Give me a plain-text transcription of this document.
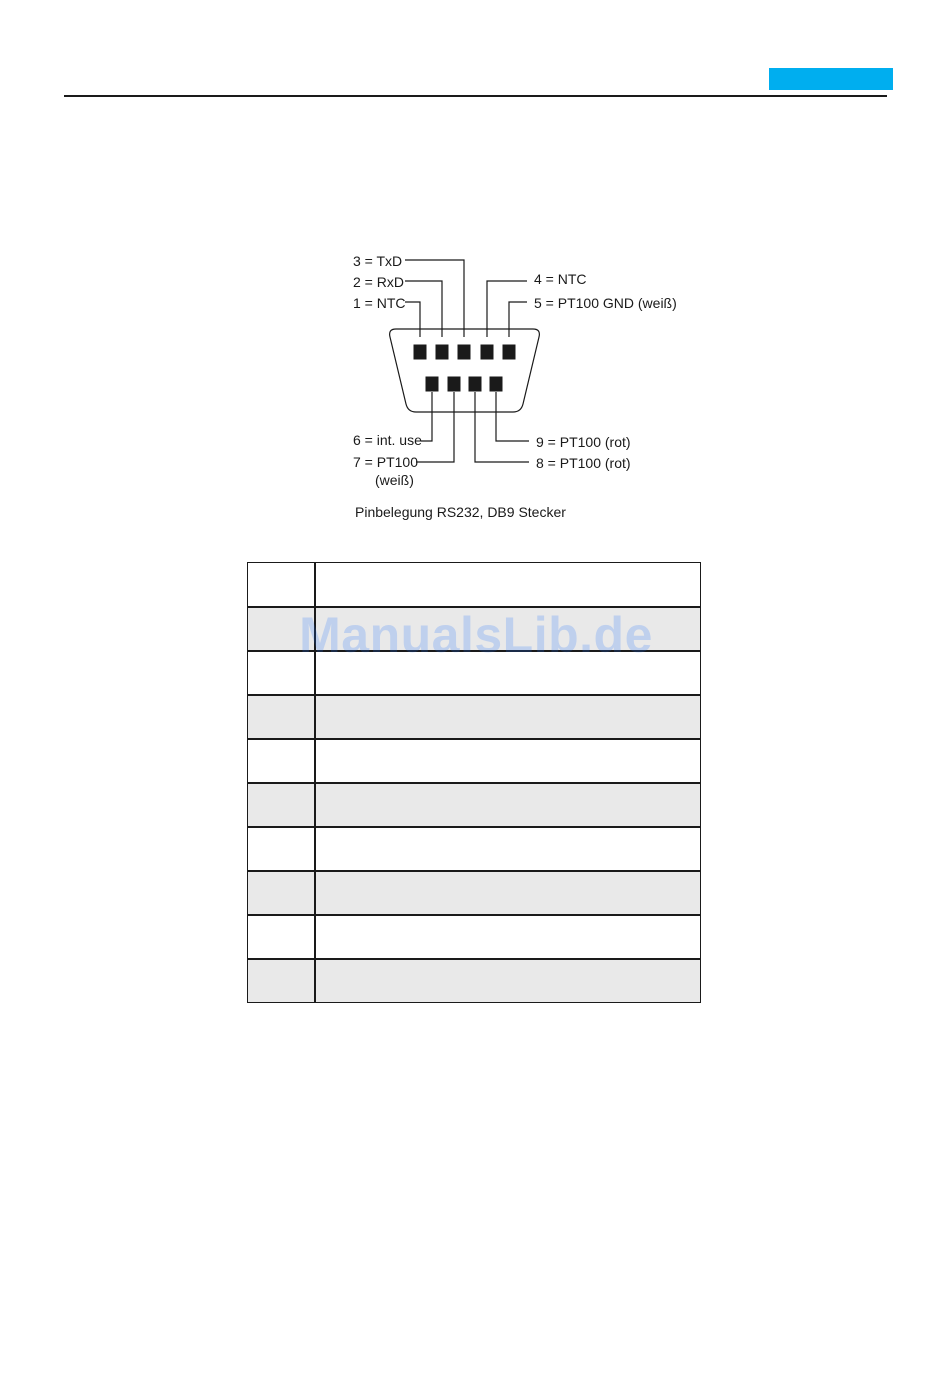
3 = TxD
2 = RxD
1 = NTC
4 = NTC
5 = PT100 GND (weiß)
6 = int. use
7 = PT100
(weiß)
9 = PT100 (rot)
8 = PT100 (rot)
Pinbelegung RS232, DB9 Stecker

ManualsLib.de
